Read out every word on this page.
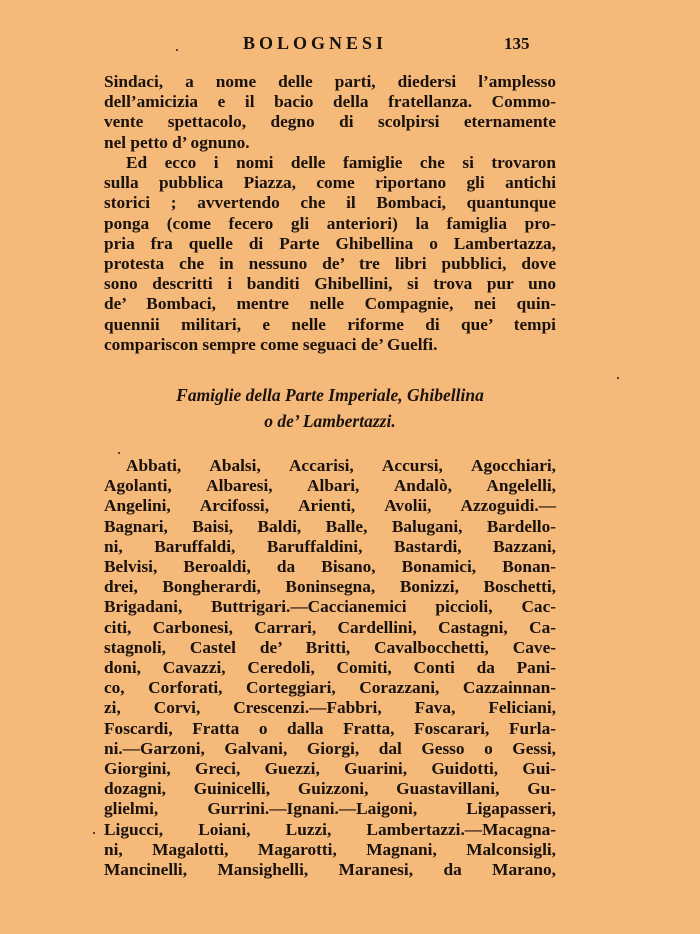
BOLOGNESI	135
Sindaci, a nome delle parti, diedersi l’amplesso
dell’amicizia e il bacio della fratellanza. Commo-
vente spettacolo, degno di scolpirsi eternamente
nel petto d’ ognuno.
Ed ecco i nomi delle famiglie che si trovaron
sulla pubblica Piazza, come riportano gli antichi
storici ; avvertendo che il Bombaci, quantunque
ponga (come fecero gli anteriori) la famiglia pro-
pria fra quelle di Parte Ghibellina o Lambertazza,
protesta che in nessuno de’ tre libri pubblici, dove
sono descritti i banditi Ghibellini, si trova pur uno
de’ Bombaci, mentre nelle Compagnie, nei quin-
quennii militari, e nelle riforme di que’ tempi
compariscon sempre come seguaci de’ Guelfi.
Famiglie della Parte Imperiale, Ghibellina
o de’ Lambertazzi.
Abbati, Abalsi, Accarisi, Accursi, Agocchiari,
Agolanti, Albaresi, Albari, Andalò, Angelelli,
Angelini, Arcifossi, Arienti, Avolii, Azzoguidi.—
Bagnari, Baisi, Baldi, Balle, Balugani, Bardello-
ni, Baruffaldi, Baruffaldini, Bastardi, Bazzani,
Belvisi, Beroaldi, da Bisano, Bonamici, Bonan-
drei, Bongherardi, Boninsegna, Bonizzi, Boschetti,
Brigadani, Buttrigari.—Caccianemici piccioli, Cac-
citi, Carbonesi, Carrari, Cardellini, Castagni, Ca-
stagnoli, Castel de’ Britti, Cavalbocchetti, Cave-
doni, Cavazzi, Ceredoli, Comiti, Conti da Pani-
co, Corforati, Corteggiari, Corazzani, Cazzainnan-
zi, Corvi, Crescenzi.—Fabbri, Fava, Feliciani,
Foscardi, Fratta o dalla Fratta, Foscarari, Furla-
ni.—Garzoni, Galvani, Giorgi, dal Gesso o Gessi,
Giorgini, Greci, Guezzi, Guarini, Guidotti, Gui-
dozagni, Guinicelli, Guizzoni, Guastavillani, Gu-
glielmi, Gurrini.—Ignani.—Laigoni, Ligapasseri,
Ligucci, Loiani, Luzzi, Lambertazzi.—Macagna-
ni, Magalotti, Magarotti, Magnani, Malconsigli,
Mancinelli, Mansighelli, Maranesi, da Marano,
